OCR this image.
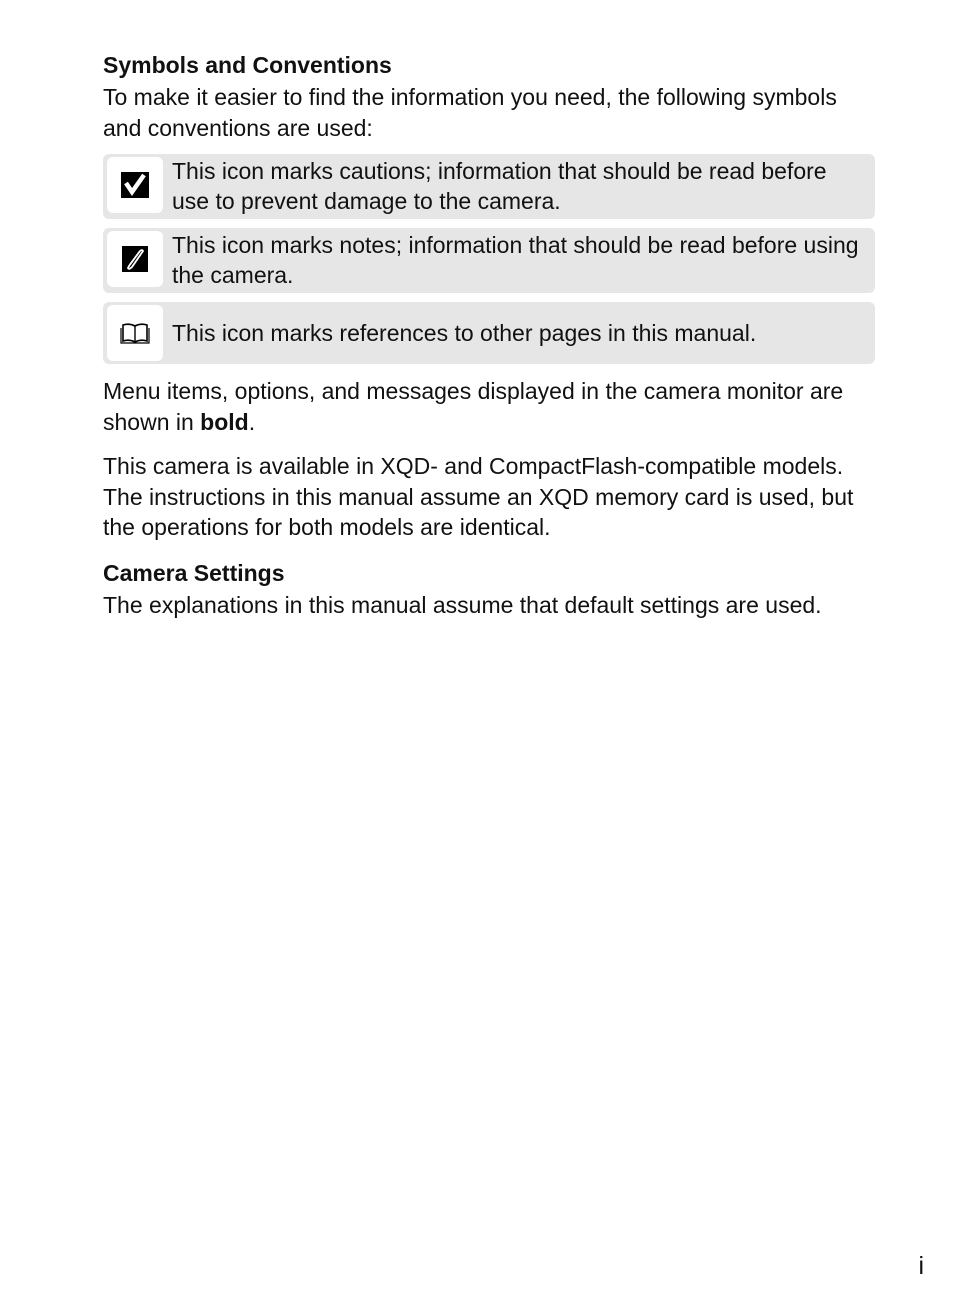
Symbols and Conventions

To make it easier to find the information you need, the following symbols and conventions are used:

This icon marks cautions; information that should be read before use to prevent damage to the camera.
This icon marks notes; information that should be read before using the camera.
This icon marks references to other pages in this manual.

Menu items, options, and messages displayed in the camera monitor are shown in bold.

This camera is available in XQD- and CompactFlash-compatible models. The instructions in this manual assume an XQD memory card is used, but the operations for both models are identical.

Camera Settings

The explanations in this manual assume that default settings are used.

i
